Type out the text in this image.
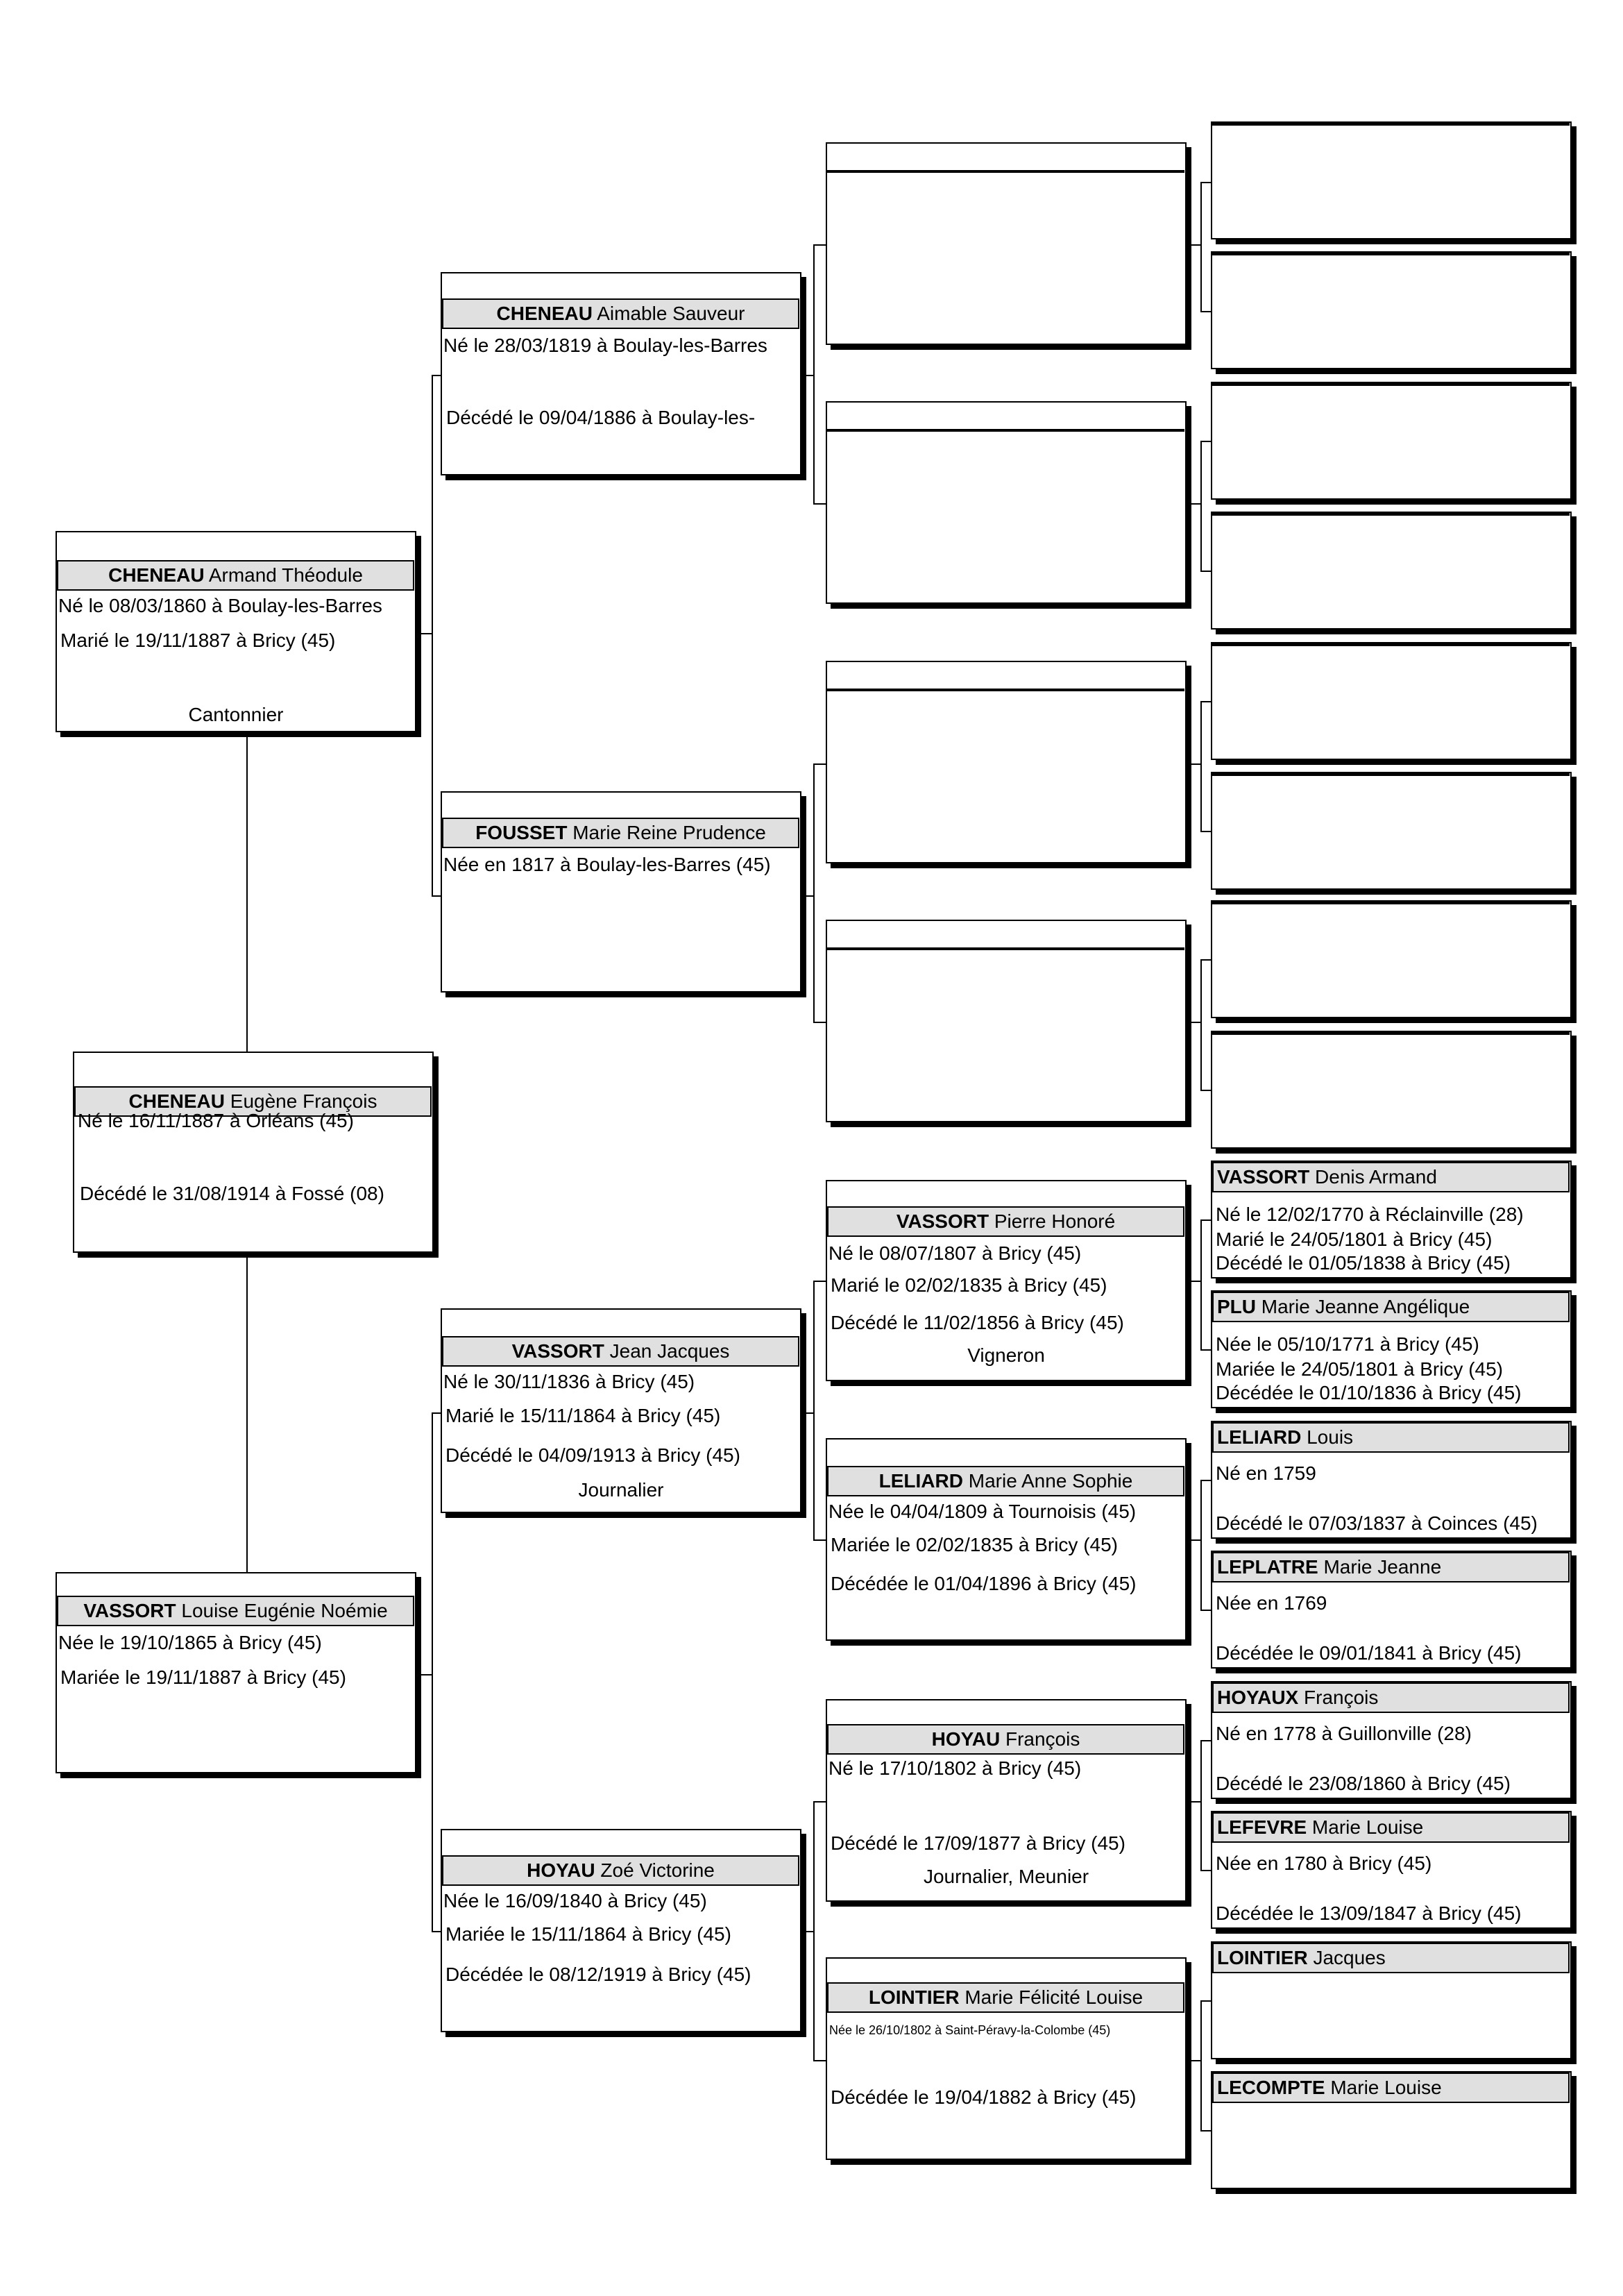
CHENEAU Eugène François
Né le 16/11/1887 à Orléans (45)
Décédé le 31/08/1914 à Fossé (08)
CHENEAU Armand Théodule
Né le 08/03/1860 à Boulay-les-Barres
Marié le 19/11/1887 à Bricy (45)
Cantonnier
VASSORT Louise Eugénie Noémie
Née le 19/10/1865 à Bricy (45)
Mariée le 19/11/1887 à Bricy (45)
CHENEAU Aimable Sauveur
Né le 28/03/1819 à Boulay-les-Barres
Décédé le 09/04/1886 à Boulay-les-
FOUSSET Marie Reine Prudence
Née en 1817 à Boulay-les-Barres (45)
VASSORT Jean Jacques
Né le 30/11/1836 à Bricy (45)
Marié le 15/11/1864 à Bricy (45)
Décédé le 04/09/1913 à Bricy (45)
Journalier
HOYAU Zoé Victorine
Née le 16/09/1840 à Bricy (45)
Mariée le 15/11/1864 à Bricy (45)
Décédée le 08/12/1919 à Bricy (45)
VASSORT Pierre Honoré
Né le 08/07/1807 à Bricy (45)
Marié le 02/02/1835 à Bricy (45)
Décédé le 11/02/1856 à Bricy (45)
Vigneron
LELIARD Marie Anne Sophie
Née le 04/04/1809 à Tournoisis (45)
Mariée le 02/02/1835 à Bricy (45)
Décédée le 01/04/1896 à Bricy (45)
HOYAU François
Né le 17/10/1802 à Bricy (45)
Décédé le 17/09/1877 à Bricy (45)
Journalier, Meunier
LOINTIER Marie Félicité Louise
Née le 26/10/1802 à Saint-Péravy-la-Colombe (45)
Décédée le 19/04/1882 à Bricy (45)
VASSORT Denis Armand
Né le 12/02/1770 à Réclainville (28)
Marié le 24/05/1801 à Bricy (45)
Décédé le 01/05/1838 à Bricy (45)
PLU Marie Jeanne Angélique
Née le 05/10/1771 à Bricy (45)
Mariée le 24/05/1801 à Bricy (45)
Décédée le 01/10/1836 à Bricy (45)
LELIARD Louis
Né en 1759
Décédé le 07/03/1837 à Coinces (45)
LEPLATRE Marie Jeanne
Née en 1769
Décédée le 09/01/1841 à Bricy (45)
HOYAUX François
Né en 1778 à Guillonville (28)
Décédé le 23/08/1860 à Bricy (45)
LEFEVRE Marie Louise
Née en 1780 à Bricy (45)
Décédée le 13/09/1847 à Bricy (45)
LOINTIER Jacques
LECOMPTE Marie Louise
